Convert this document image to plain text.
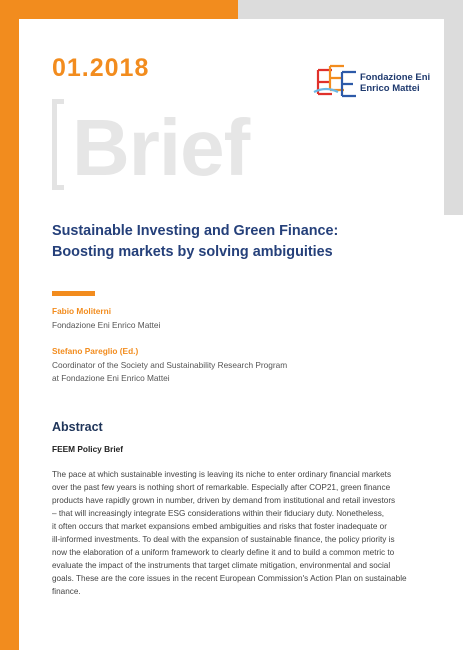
01.2018	Fondazione Eni
Enrico Mattei
Brief
Sustainable Investing and Green Finance:
Boosting markets by solving ambiguities
Fabio Moliterni
Fondazione Eni Enrico Mattei
Stefano Pareglio (Ed.)
Coordinator of the Society and Sustainability Research Program
at Fondazione Eni Enrico Mattei
Abstract
FEEM Policy Brief
The pace at which sustainable investing is leaving its niche to enter ordinary financial markets
over the past few years is nothing short of remarkable. Especially after COP21, green finance
products have rapidly grown in number, driven by demand from institutional and retail investors
– that will increasingly integrate ESG considerations within their fiduciary duty. Nonetheless,
it often occurs that market expansions embed ambiguities and risks that foster inadequate or
ill-informed investments. To deal with the expansion of sustainable finance, the policy priority is
now the elaboration of a uniform framework to clearly define it and to build a common metric to
evaluate the impact of the instruments that target climate mitigation, environmental and social
goals. These are the core issues in the recent European Commission's Action Plan on sustainable
finance.
